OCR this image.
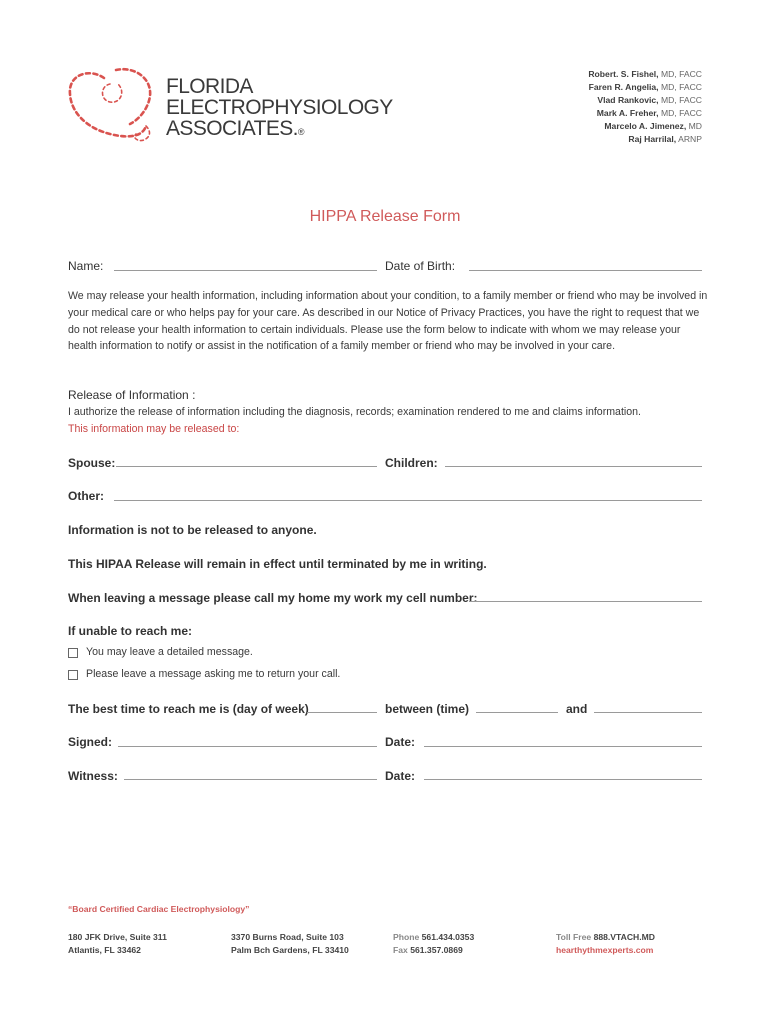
FLORIDA
ELECTROPHYSIOLOGY
ASSOCIATES.®
Robert. S. Fishel, MD, FACC
Faren R. Angelia, MD, FACC
Vlad Rankovic, MD, FACC
Mark A. Freher, MD, FACC
Marcelo A. Jimenez, MD
Raj Harrilal, ARNP
HIPPA Release Form
Name:	Date of Birth:
We may release your health information, including information about your condition, to a family member or friend who may be involved in your medical care or who helps pay for your care. As described in our Notice of Privacy Practices, you have the right to request that we do not release your health information to certain individuals. Please use the form below to indicate with whom we may release your health information to notify or assist in the notification of a family member or friend who may be involved in your care.
Release of Information :
I authorize the release of information including the diagnosis, records; examination rendered to me and claims information.
This information may be released to:
Spouse:	Children:
Other:
Information is not to be released to anyone.
This HIPAA Release will remain in effect until terminated by me in writing.
When leaving a message please call my home my work my cell number:
If unable to reach me:
You may leave a detailed message.
Please leave a message asking me to return your call.
The best time to reach me is (day of week)	between (time)	and
Signed:	Date:
Witness:	Date:
“Board Certified Cardiac Electrophysiology”
180 JFK Drive, Suite 311
Atlantis, FL 33462
3370 Burns Road, Suite 103
Palm Bch Gardens, FL 33410
Phone 561.434.0353
Fax 561.357.0869
Toll Free 888.VTACH.MD
hearthythmexperts.com
